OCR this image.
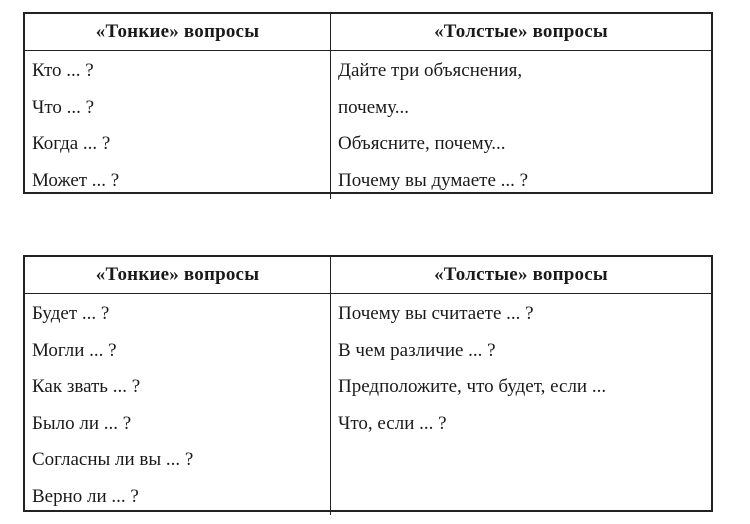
«Тонкие» вопросы
Кто ... ?
Что ... ?
Когда ... ?
Может ... ?
«Толстые» вопросы
Дайте три объяснения,
почему...
Объясните, почему...
Почему вы думаете ... ?
«Тонкие» вопросы
Будет ... ?
Могли ... ?
Как звать ... ?
Было ли ... ?
Согласны ли вы ... ?
Верно ли ... ?
«Толстые» вопросы
Почему вы считаете ... ?
В чем различие ... ?
Предположите, что будет, если ...
Что, если ... ?
